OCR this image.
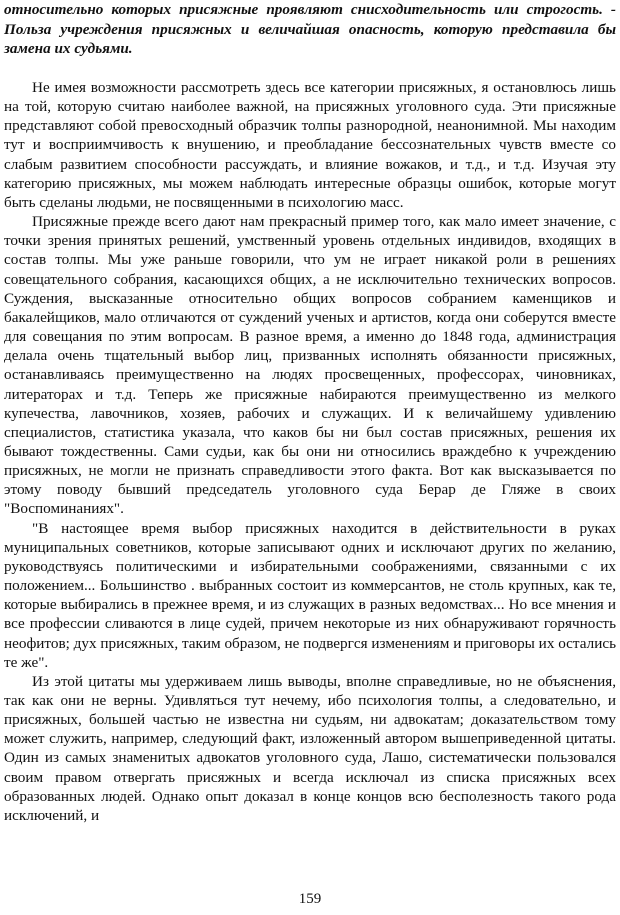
относительно которых присяжные проявляют снисходительность или строгость. - Польза учреждения присяжных и величайшая опасность, которую представила бы замена их судьями.

Не имея возможности рассмотреть здесь все категории присяжных, я остановлюсь лишь на той, которую считаю наиболее важной, на присяжных уголовного суда. Эти присяжные представляют собой превосходный образчик толпы разнородной, неанонимной. Мы находим тут и восприимчивость к внушению, и преобладание бессознательных чувств вместе со слабым развитием способности рассуждать, и влияние вожаков, и т.д., и т.д. Изучая эту категорию присяжных, мы можем наблюдать интересные образцы ошибок, которые могут быть сделаны людьми, не посвященными в психологию масс.

Присяжные прежде всего дают нам прекрасный пример того, как мало имеет значение, с точки зрения принятых решений, умственный уровень отдельных индивидов, входящих в состав толпы. Мы уже раньше говорили, что ум не играет никакой роли в решениях совещательного собрания, касающихся общих, а не исключительно технических вопросов. Суждения, высказанные относительно общих вопросов собранием каменщиков и бакалейщиков, мало отличаются от суждений ученых и артистов, когда они соберутся вместе для совещания по этим вопросам. В разное время, а именно до 1848 года, администрация делала очень тщательный выбор лиц, призванных исполнять обязанности присяжных, останавливаясь преимущественно на людях просвещенных, профессорах, чиновниках, литераторах и т.д. Теперь же присяжные набираются преимущественно из мелкого купечества, лавочников, хозяев, рабочих и служащих. И к величайшему удивлению специалистов, статистика указала, что каков бы ни был состав присяжных, решения их бывают тождественны. Сами судьи, как бы они ни относились враждебно к учреждению присяжных, не могли не признать справедливости этого факта. Вот как высказывается по этому поводу бывший председатель уголовного суда Берар де Гляже в своих "Воспоминаниях".

"В настоящее время выбор присяжных находится в действительности в руках муниципальных советников, которые записывают одних и исключают других по желанию, руководствуясь политическими и избирательными соображениями, связанными с их положением... Большинство . выбранных состоит из коммерсантов, не столь крупных, как те, которые выбирались в прежнее время, и из служащих в разных ведомствах... Но все мнения и все профессии сливаются в лице судей, причем некоторые из них обнаруживают горячность неофитов; дух присяжных, таким образом, не подвергся изменениям и приговоры их остались те же".

Из этой цитаты мы удерживаем лишь выводы, вполне справедливые, но не объяснения, так как они не верны. Удивляться тут нечему, ибо психология толпы, а следовательно, и присяжных, большей частью не известна ни судьям, ни адвокатам; доказательством тому может служить, например, следующий факт, изложенный автором вышеприведенной цитаты. Один из самых знаменитых адвокатов уголовного суда, Лашо, систематически пользовался своим правом отвергать присяжных и всегда исключал из списка присяжных всех образованных людей. Однако опыт доказал в конце концов всю бесполезность такого рода исключений, и

159
